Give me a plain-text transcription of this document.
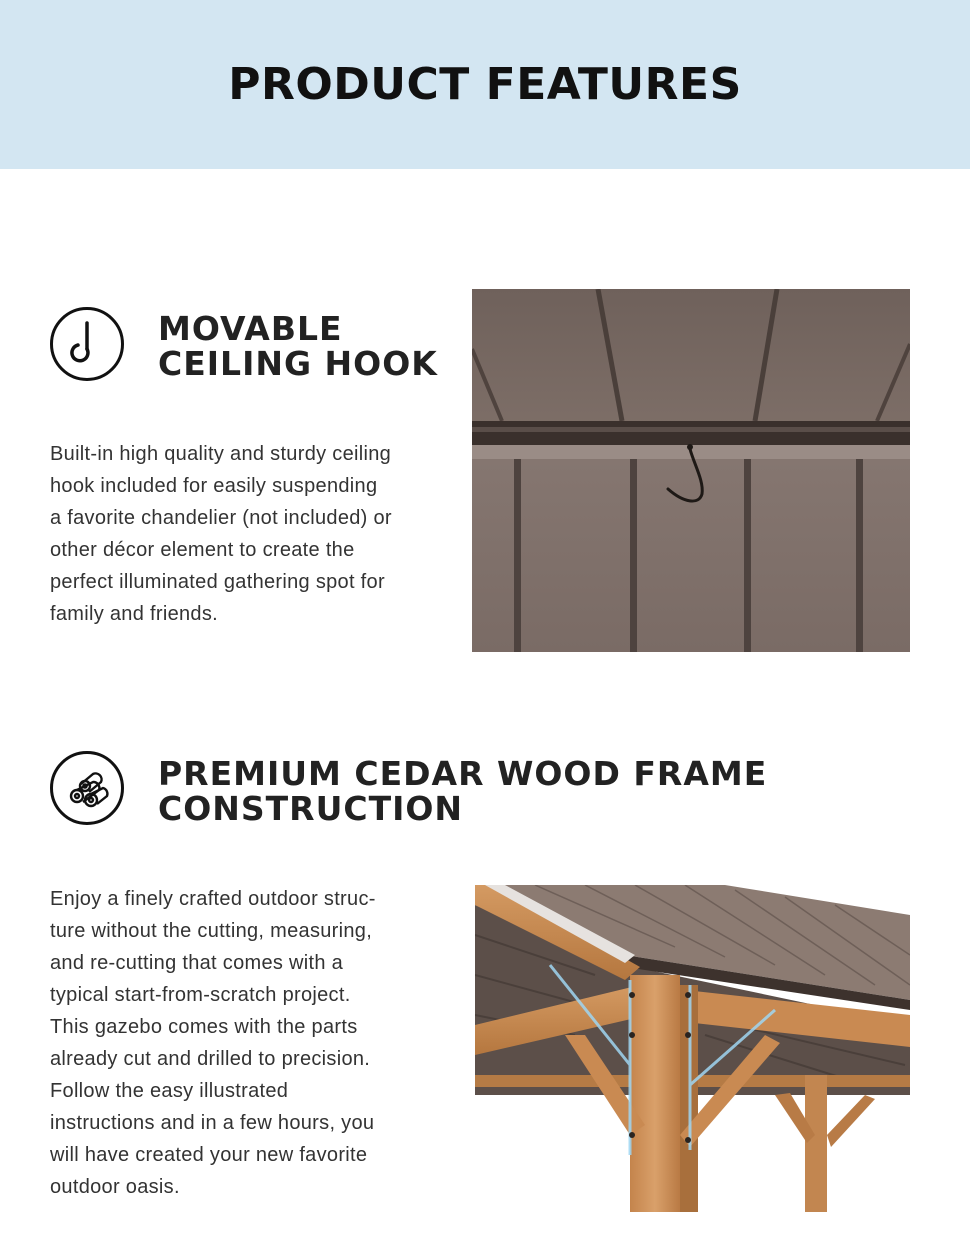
PRODUCT FEATURES
MOVABLE
CEILING HOOK

Built-in high quality and sturdy ceiling
hook included for easily suspending
a favorite chandelier (not included) or
other décor element to create the
perfect illuminated gathering spot for
family and friends.

PREMIUM CEDAR WOOD FRAME
CONSTRUCTION

Enjoy a finely crafted outdoor struc-
ture without the cutting, measuring,
and re-cutting that comes with a
typical start-from-scratch project.
This gazebo comes with the parts
already cut and drilled to precision.
Follow the easy illustrated
instructions and in a few hours, you
will have created your new favorite
outdoor oasis.
